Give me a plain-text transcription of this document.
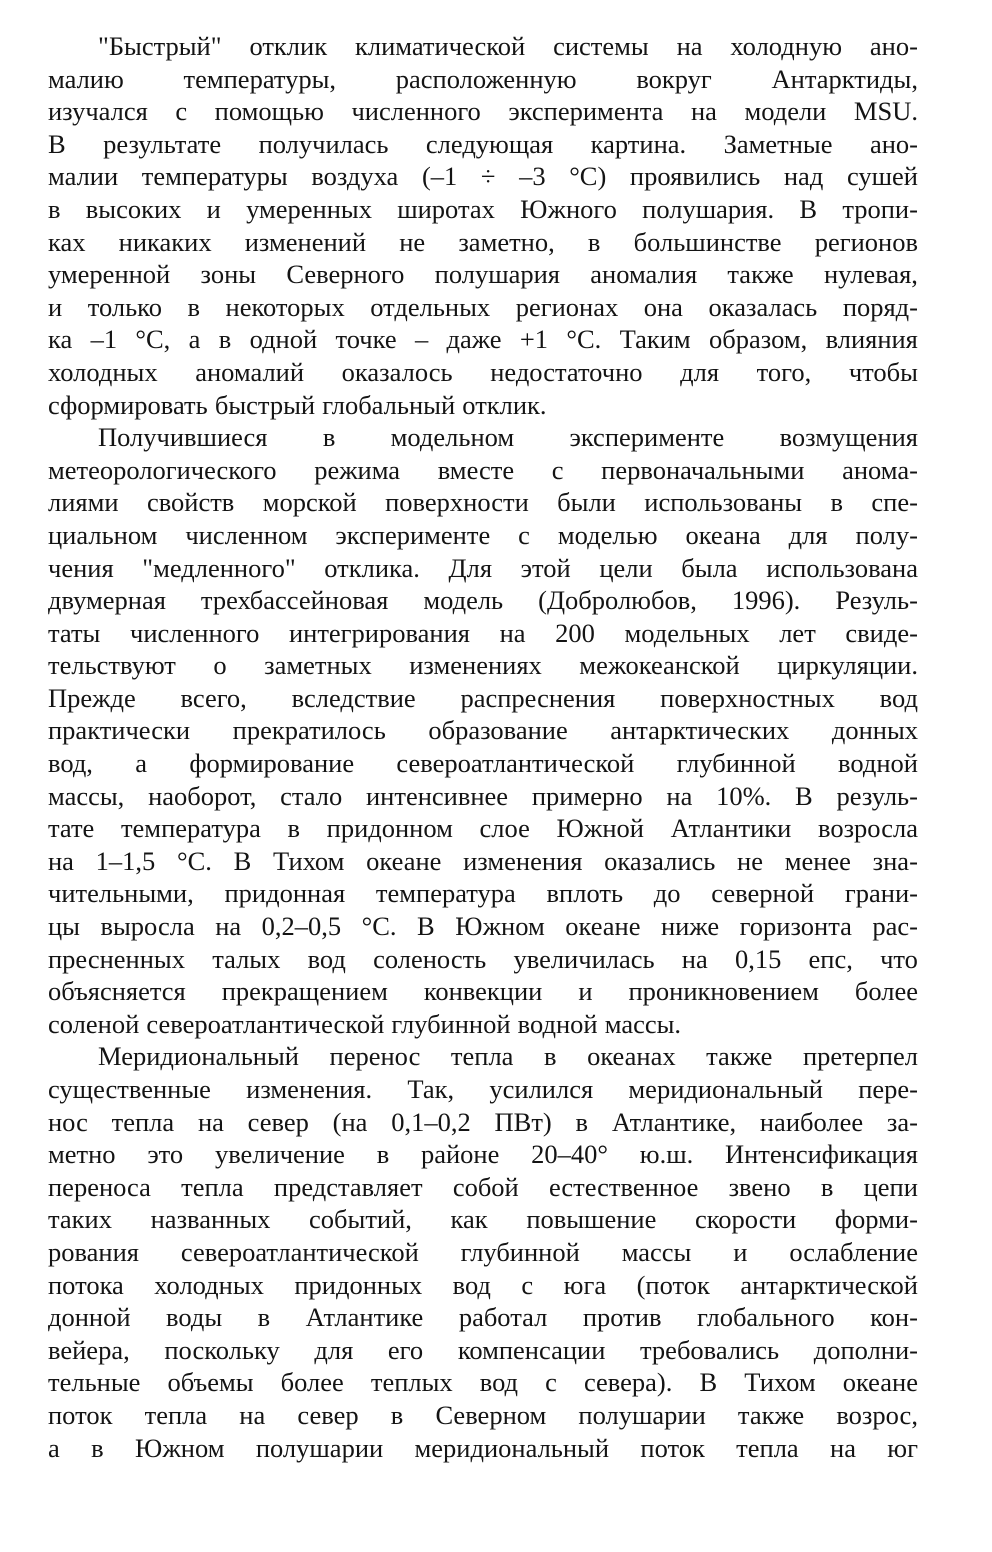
"Быстрый" отклик климатической системы на холодную ано-
малию температуры, расположенную вокруг Антарктиды,
изучался с помощью численного эксперимента на модели MSU.
В результате получилась следующая картина. Заметные ано-
малии температуры воздуха (–1 ÷ –3 °С) проявились над сушей
в высоких и умеренных широтах Южного полушария. В тропи-
ках никаких изменений не заметно, в большинстве регионов
умеренной зоны Северного полушария аномалия также нулевая,
и только в некоторых отдельных регионах она оказалась поряд-
ка –1 °С, а в одной точке – даже +1 °С. Таким образом, влияния
холодных аномалий оказалось недостаточно для того, чтобы
сформировать быстрый глобальный отклик.
Получившиеся в модельном эксперименте возмущения
метеорологического режима вместе с первоначальными анома-
лиями свойств морской поверхности были использованы в спе-
циальном численном эксперименте с моделью океана для полу-
чения "медленного" отклика. Для этой цели была использована
двумерная трехбассейновая модель (Добролюбов, 1996). Резуль-
таты численного интегрирования на 200 модельных лет свиде-
тельствуют о заметных изменениях межокеанской циркуляции.
Прежде всего, вследствие распреснения поверхностных вод
практически прекратилось образование антарктических донных
вод, а формирование североатлантической глубинной водной
массы, наоборот, стало интенсивнее примерно на 10%. В резуль-
тате температура в придонном слое Южной Атлантики возросла
на 1–1,5 °С. В Тихом океане изменения оказались не менее зна-
чительными, придонная температура вплоть до северной грани-
цы выросла на 0,2–0,5 °С. В Южном океане ниже горизонта рас-
пресненных талых вод соленость увеличилась на 0,15 епс, что
объясняется прекращением конвекции и проникновением более
соленой североатлантической глубинной водной массы.
Меридиональный перенос тепла в океанах также претерпел
существенные изменения. Так, усилился меридиональный пере-
нос тепла на север (на 0,1–0,2 ПВт) в Атлантике, наиболее за-
метно это увеличение в районе 20–40° ю.ш. Интенсификация
переноса тепла представляет собой естественное звено в цепи
таких названных событий, как повышение скорости форми-
рования североатлантической глубинной массы и ослабление
потока холодных придонных вод с юга (поток антарктической
донной воды в Атлантике работал против глобального кон-
вейера, поскольку для его компенсации требовались дополни-
тельные объемы более теплых вод с севера). В Тихом океане
поток тепла на север в Северном полушарии также возрос,
а в Южном полушарии меридиональный поток тепла на юг
